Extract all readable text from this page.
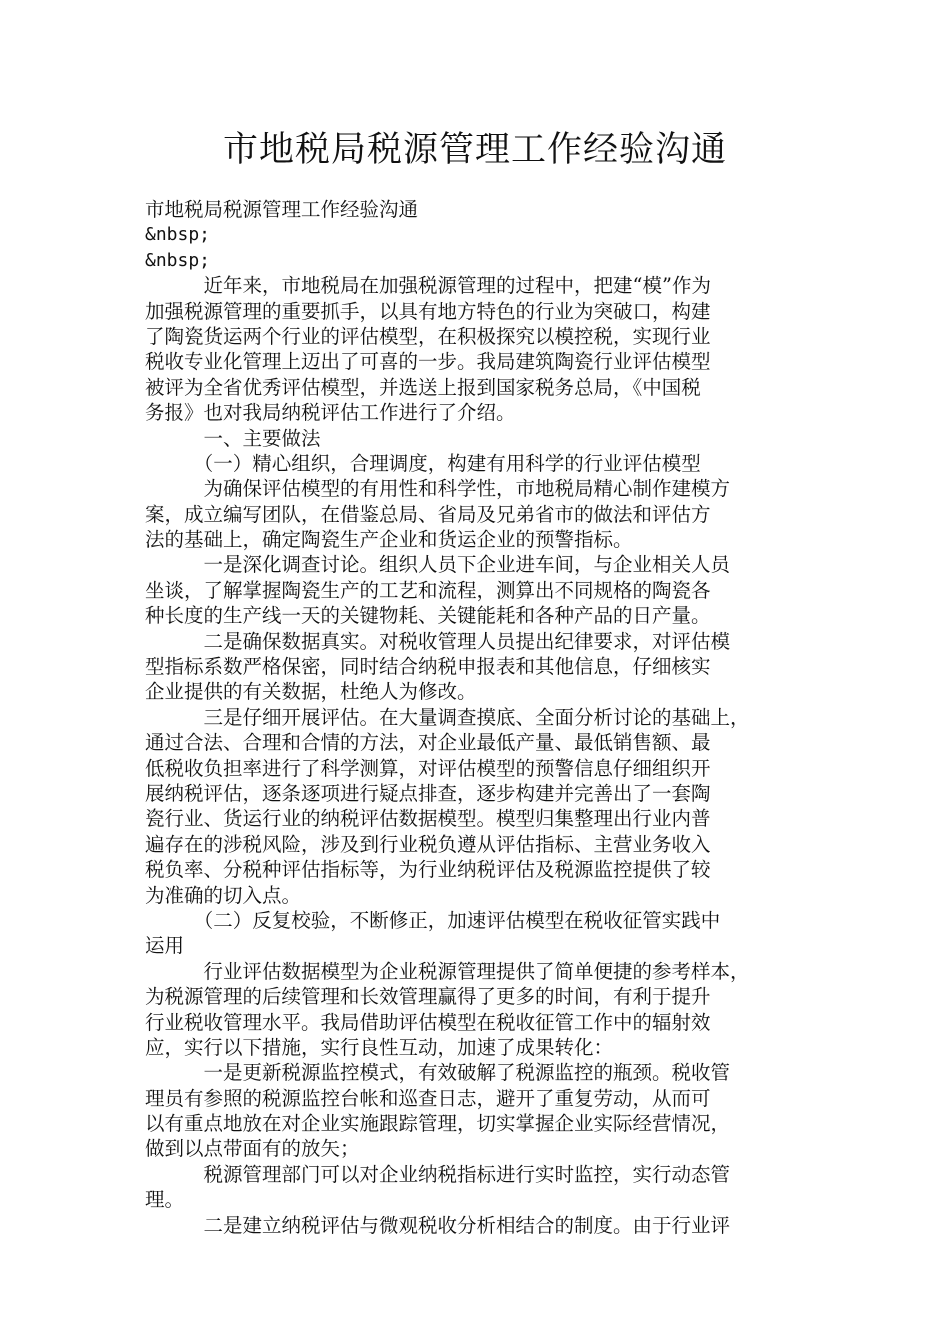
市地税局税源管理工作经验沟通
市地税局税源管理工作经验沟通
&nbsp;
&nbsp;
　　　近年来，市地税局在加强税源管理的过程中，把建“模”作为
加强税源管理的重要抓手，以具有地方特色的行业为突破口，构建
了陶瓷货运两个行业的评估模型，在积极探究以模控税，实现行业
税收专业化管理上迈出了可喜的一步。我局建筑陶瓷行业评估模型
被评为全省优秀评估模型，并选送上报到国家税务总局，《中国税
务报》也对我局纳税评估工作进行了介绍。
　　　一、主要做法
　　　（一）精心组织，合理调度，构建有用科学的行业评估模型
　　　为确保评估模型的有用性和科学性，市地税局精心制作建模方
案，成立编写团队，在借鉴总局、省局及兄弟省市的做法和评估方
法的基础上，确定陶瓷生产企业和货运企业的预警指标。
　　　一是深化调查讨论。组织人员下企业进车间，与企业相关人员
坐谈，了解掌握陶瓷生产的工艺和流程，测算出不同规格的陶瓷各
种长度的生产线一天的关键物耗、关键能耗和各种产品的日产量。
　　　二是确保数据真实。对税收管理人员提出纪律要求，对评估模
型指标系数严格保密，同时结合纳税申报表和其他信息，仔细核实
企业提供的有关数据，杜绝人为修改。
　　　三是仔细开展评估。在大量调查摸底、全面分析讨论的基础上，
通过合法、合理和合情的方法，对企业最低产量、最低销售额、最
低税收负担率进行了科学测算，对评估模型的预警信息仔细组织开
展纳税评估，逐条逐项进行疑点排查，逐步构建并完善出了一套陶
瓷行业、货运行业的纳税评估数据模型。模型归集整理出行业内普
遍存在的涉税风险，涉及到行业税负遵从评估指标、主营业务收入
税负率、分税种评估指标等，为行业纳税评估及税源监控提供了较
为准确的切入点。
　　　（二）反复校验，不断修正，加速评估模型在税收征管实践中
运用
　　　行业评估数据模型为企业税源管理提供了简单便捷的参考样本，
为税源管理的后续管理和长效管理赢得了更多的时间，有利于提升
行业税收管理水平。我局借助评估模型在税收征管工作中的辐射效
应，实行以下措施，实行良性互动，加速了成果转化：
　　　一是更新税源监控模式，有效破解了税源监控的瓶颈。税收管
理员有参照的税源监控台帐和巡查日志，避开了重复劳动，从而可
以有重点地放在对企业实施跟踪管理，切实掌握企业实际经营情况，
做到以点带面有的放矢；
　　　税源管理部门可以对企业纳税指标进行实时监控，实行动态管
理。
　　　二是建立纳税评估与微观税收分析相结合的制度。由于行业评
